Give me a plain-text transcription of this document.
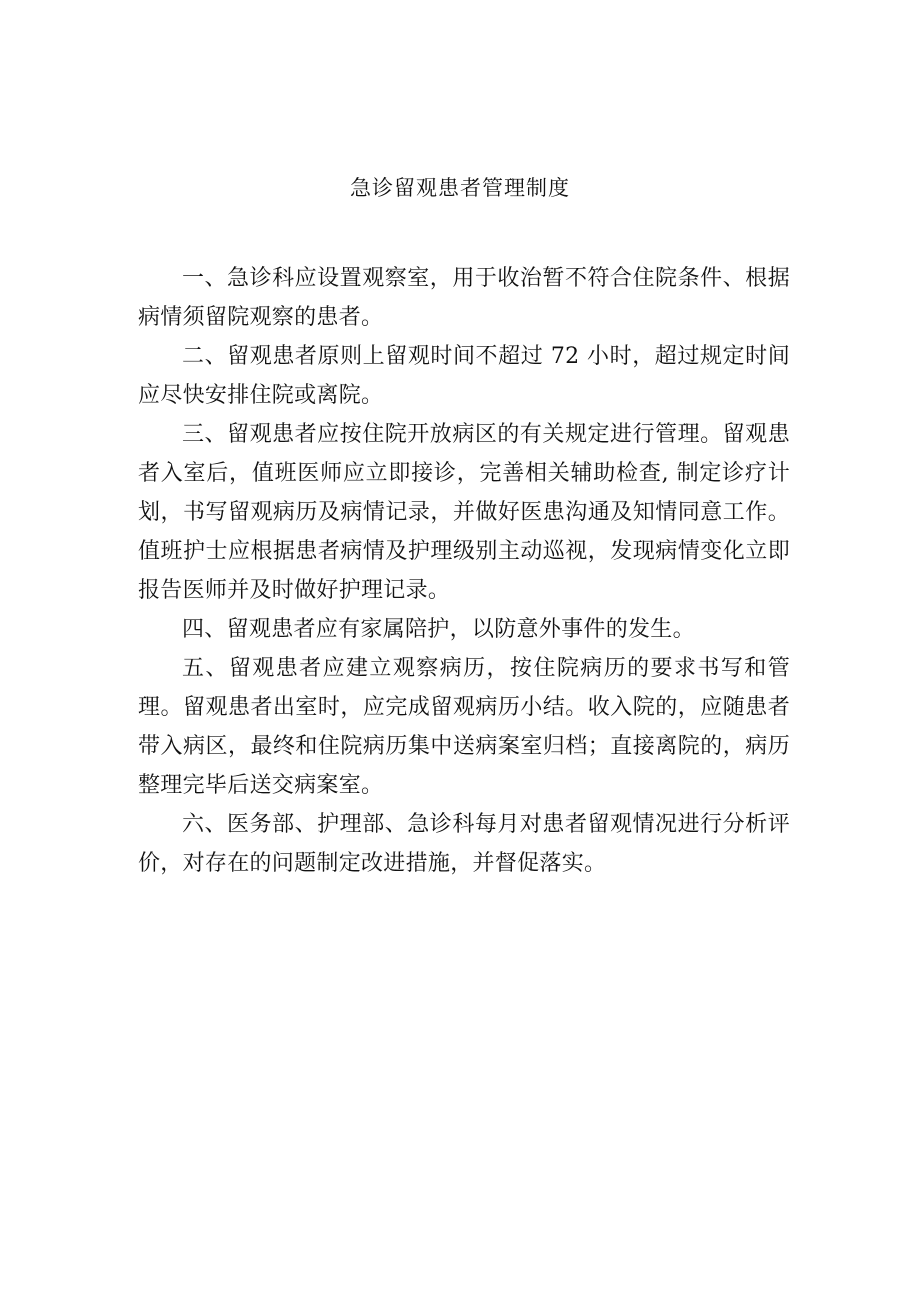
急诊留观患者管理制度

一、急诊科应设置观察室，用于收治暂不符合住院条件、根据病情须留院观察的患者。

二、留观患者原则上留观时间不超过 72 小时，超过规定时间应尽快安排住院或离院。

三、留观患者应按住院开放病区的有关规定进行管理。留观患者入室后，值班医师应立即接诊，完善相关辅助检查, 制定诊疗计划，书写留观病历及病情记录，并做好医患沟通及知情同意工作。值班护士应根据患者病情及护理级别主动巡视，发现病情变化立即报告医师并及时做好护理记录。

四、留观患者应有家属陪护，以防意外事件的发生。

五、留观患者应建立观察病历，按住院病历的要求书写和管理。留观患者出室时，应完成留观病历小结。收入院的，应随患者带入病区，最终和住院病历集中送病案室归档；直接离院的，病历整理完毕后送交病案室。

六、医务部、护理部、急诊科每月对患者留观情况进行分析评价，对存在的问题制定改进措施，并督促落实。
